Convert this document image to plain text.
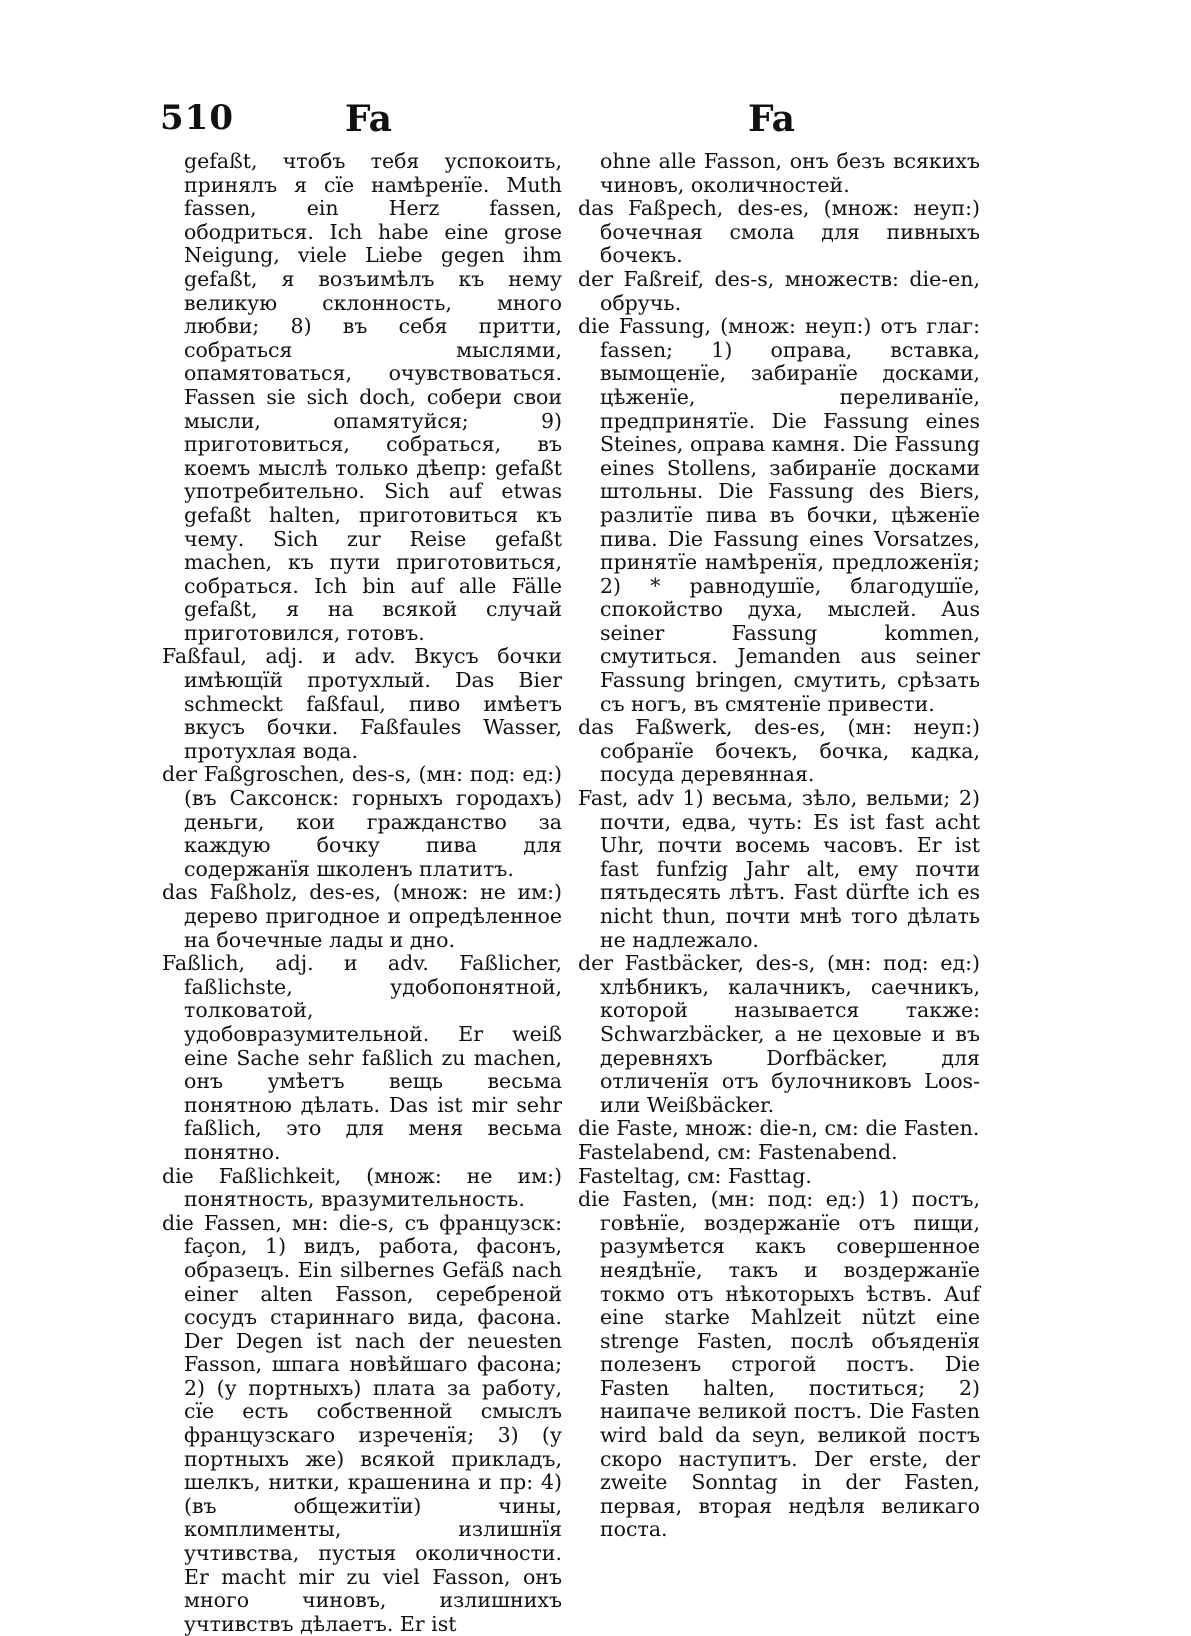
510	Fa	Fa

gefaßt, чтобъ тебя успокоить, принялъ я сїе намѣренїе. Muth fassen, ein Herz fassen, ободриться. Ich habe eine grose Neigung, viele Liebe gegen ihm gefaßt, я возъимѣлъ къ нему великую склонность, много любви; 8) въ себя притти, собраться мыслями, опамятоваться, очувствоваться. Fassen sie sich doch, собери свои мысли, опамятуйся; 9) приготовиться, собраться, въ коемъ мыслѣ только дѣепр: gefaßt употребительно. Sich auf etwas gefaßt halten, приготовиться къ чему. Sich zur Reise gefaßt machen, къ пути приготовиться, собраться. Ich bin auf alle Fälle gefaßt, я на всякой случай приготовился, готовъ.

Faßfaul, adj. и adv. Вкусъ бочки имѣющїй протухлый. Das Bier schmeckt faßfaul, пиво имѣетъ вкусъ бочки. Faßfaules Wasser, протухлая вода.

der Faßgroschen, des-s, (мн: под: ед:) (въ Саксонск: горныхъ городахъ) деньги, кои гражданство за каждую бочку пива для содержанїя школенъ платитъ.

das Faßholz, des-es, (множ: не им:) дерево пригодное и опредѣленное на бочечные лады и дно.

Faßlich, adj. и adv. Faßlicher, faßlichste, удобопонятной, толковатой, удобовразумительной. Er weiß eine Sache sehr faßlich zu machen, онъ умѣетъ вещь весьма понятною дѣлать. Das ist mir sehr faßlich, это для меня весьма понятно.

die Faßlichkeit, (множ: не им:) понятность, вразумительность.

die Fassen, мн: die-s, съ французск: façon, 1) видъ, работа, фасонъ, образецъ. Ein silbernes Gefäß nach einer alten Fasson, серебреной сосудъ стариннаго вида, фасона. Der Degen ist nach der neuesten Fasson, шпага новѣйшаго фасона; 2) (у портныхъ) плата за работу, сїе есть собственной смыслъ французскаго изреченїя; 3) (у портныхъ же) всякой прикладъ, шелкъ, нитки, крашенина и пр: 4) (въ общежитїи) чины, комплименты, излишнїя учтивства, пустыя околичности. Er macht mir zu viel Fasson, онъ много чиновъ, излишнихъ учтивствъ дѣлаетъ. Er ist

ohne alle Fasson, онъ безъ всякихъ чиновъ, околичностей.

das Faßpech, des-es, (множ: неуп:) бочечная смола для пивныхъ бочекъ.

der Faßreif, des-s, множеств: die-en, обручь.

die Fassung, (множ: неуп:) отъ глаг: fassen; 1) оправа, вставка, вымощенїе, забиранїе досками, цѣженїе, переливанїе, предпринятїе. Die Fassung eines Steines, оправа камня. Die Fassung eines Stollens, забиранїе досками штольны. Die Fassung des Biers, разлитїе пива въ бочки, цѣженїе пива. Die Fassung eines Vorsatzes, принятїе намѣренїя, предложенїя; 2) * равнодушїе, благодушїе, спокойство духа, мыслей. Aus seiner Fassung kommen, смутиться. Jemanden aus seiner Fassung bringen, смутить, срѣзать съ ногъ, въ смятенїе привести.

das Faßwerk, des-es, (мн: неуп:) собранїе бочекъ, бочка, кадка, посуда деревянная.

Fast, adv 1) весьма, зѣло, вельми; 2) почти, едва, чуть: Es ist fast acht Uhr, почти восемь часовъ. Er ist fast funfzig Jahr alt, ему почти пятьдесять лѣтъ. Fast dürfte ich es nicht thun, почти мнѣ того дѣлать не надлежало.

der Fastbäcker, des-s, (мн: под: ед:) хлѣбникъ, калачникъ, саечникъ, которой называется также: Schwarzbäcker, а не цеховые и въ деревняхъ Dorfbäcker, для отличенїя отъ булочниковъ Loos- или Weißbäcker.

die Faste, множ: die-n, см: die Fasten.

Fastelabend, см: Fastenabend.

Fasteltag, см: Fasttag.

die Fasten, (мн: под: ед:) 1) постъ, говѣнїе, воздержанїе отъ пищи, разумѣется какъ совершенное неядѣнїе, такъ и воздержанїе токмо отъ нѣкоторыхъ ѣствъ. Auf eine starke Mahlzeit nützt eine strenge Fasten, послѣ объяденїя полезенъ строгой постъ. Die Fasten halten, поститься; 2) наипаче великой постъ. Die Fasten wird bald da seyn, великой постъ скоро наступитъ. Der erste, der zweite Sonntag in der Fasten, первая, вторая недѣля великаго поста.
